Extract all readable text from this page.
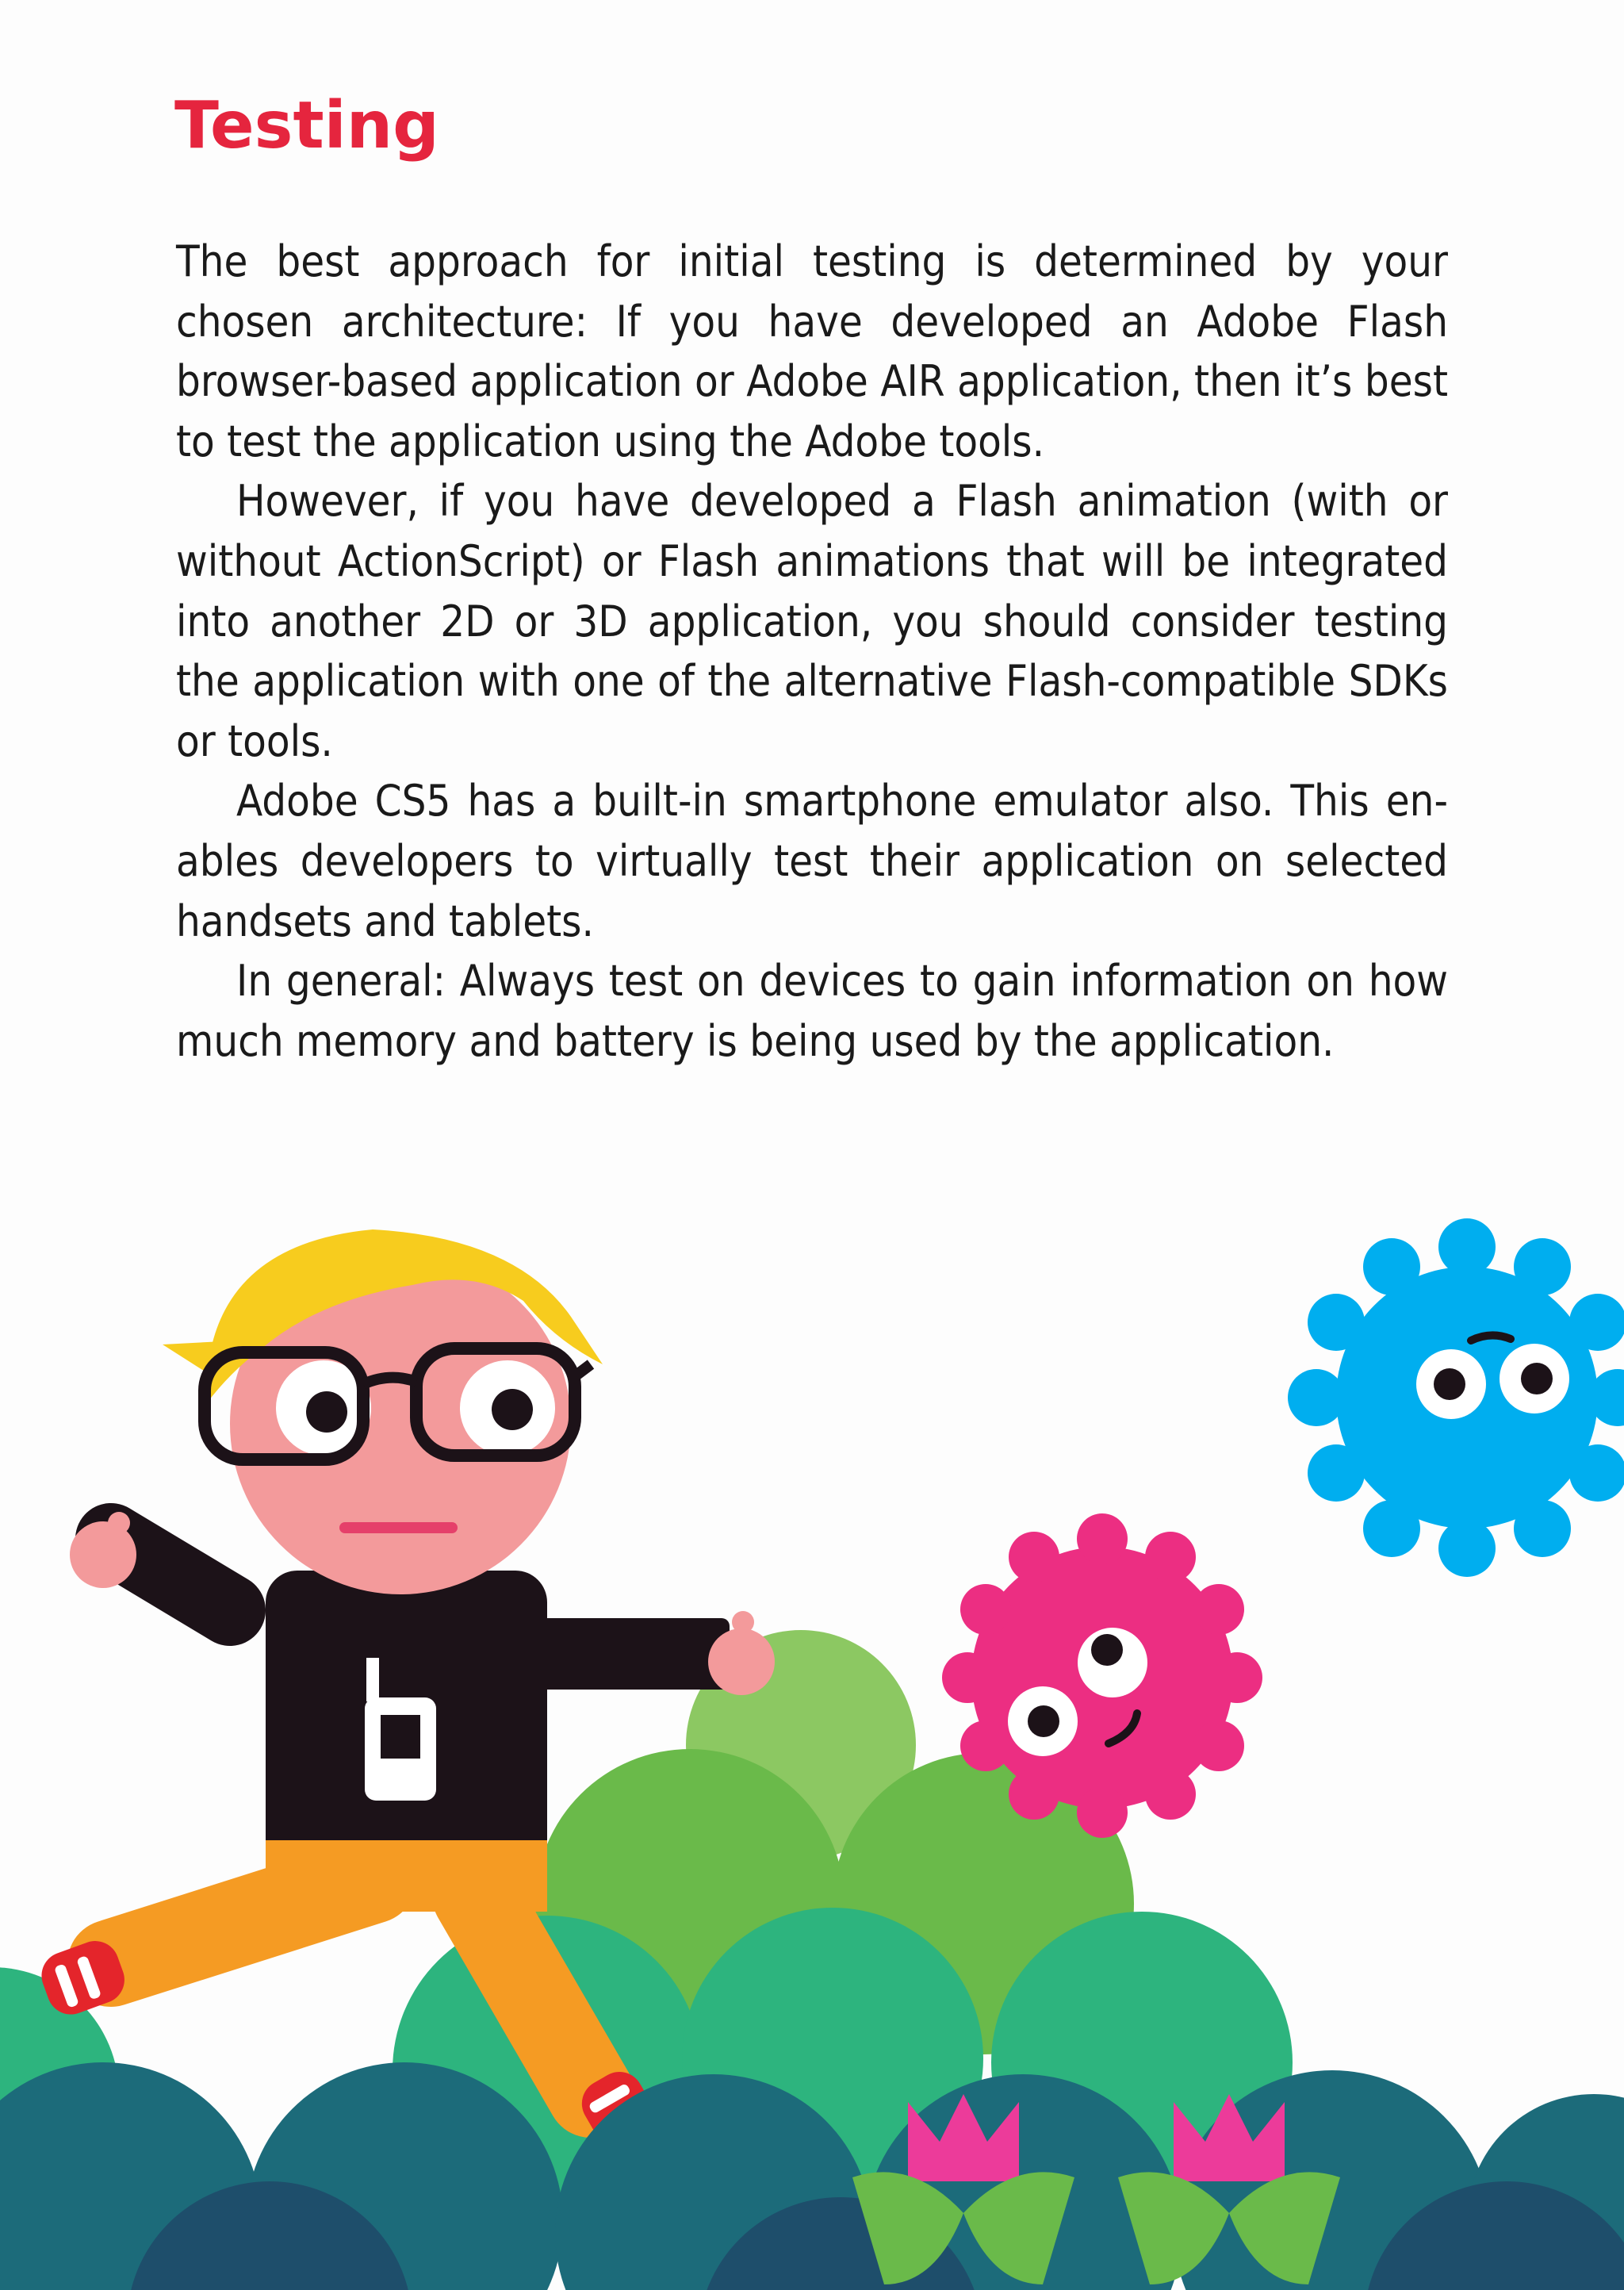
Testing

The best approach for initial testing is determined by your chosen architecture: If you have developed an Adobe Flash browser-based application or Adobe AIR application, then it’s best to test the application using the Adobe tools.

However, if you have developed a Flash animation (with or without ActionScript) or Flash animations that will be integrated into another 2D or 3D application, you should consider testing the application with one of the alternative Flash-compatible SDKs or tools.

Adobe CS5 has a built-in smartphone emulator also. This enables developers to virtually test their application on selected handsets and tablets.

In general: Always test on devices to gain information on how much memory and battery is being used by the application.
